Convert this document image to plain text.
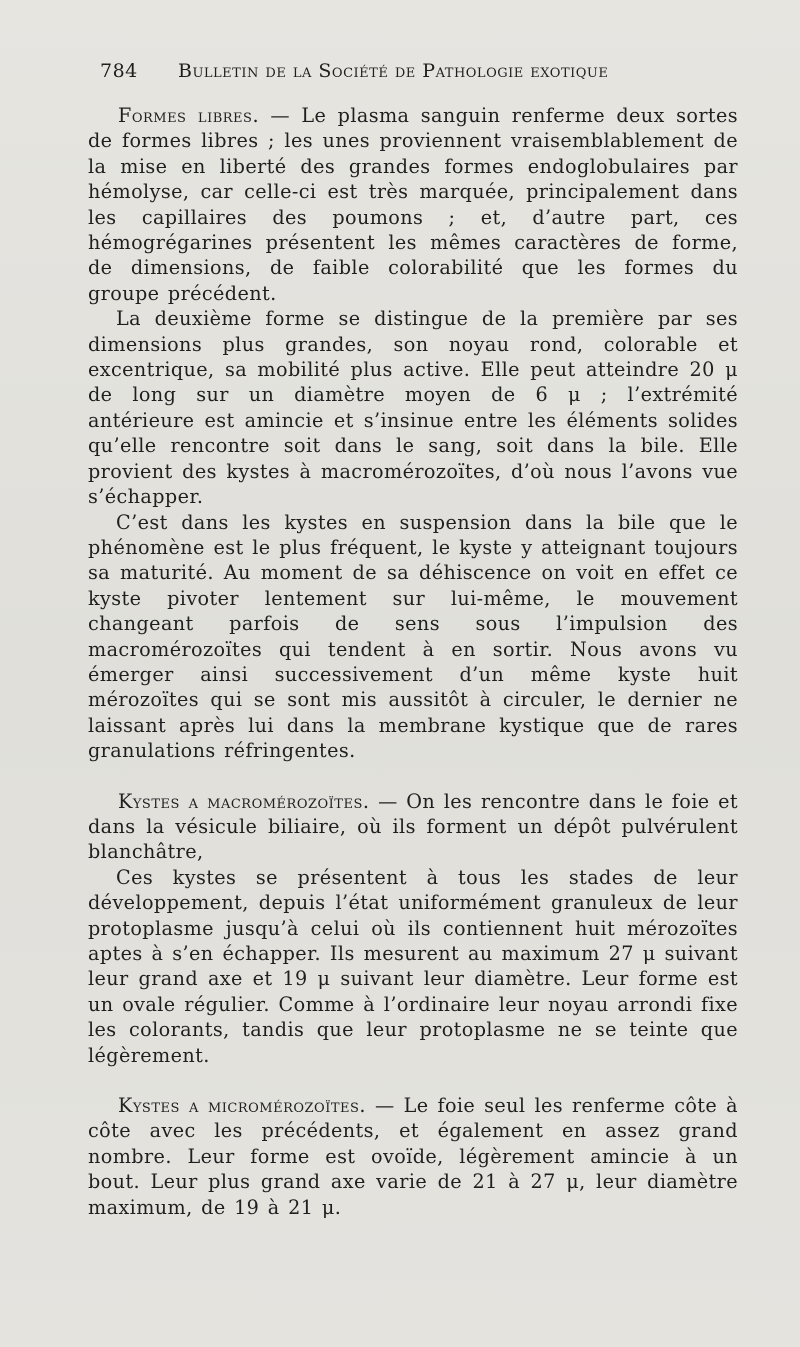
784 Bulletin de la Société de Pathologie exotique

Formes libres. — Le plasma sanguin renferme deux sortes de formes libres ; les unes proviennent vraisemblablement de la mise en liberté des grandes formes endoglobulaires par hémolyse, car celle-ci est très marquée, principalement dans les capillaires des poumons ; et, d’autre part, ces hémogrégarines présentent les mêmes caractères de forme, de dimensions, de faible colorabilité que les formes du groupe précédent.

La deuxième forme se distingue de la première par ses dimensions plus grandes, son noyau rond, colorable et excentrique, sa mobilité plus active. Elle peut atteindre 20 μ de long sur un diamètre moyen de 6 μ ; l’extrémité antérieure est amincie et s’insinue entre les éléments solides qu’elle rencontre soit dans le sang, soit dans la bile. Elle provient des kystes à macromérozoïtes, d’où nous l’avons vue s’échapper.

C’est dans les kystes en suspension dans la bile que le phénomène est le plus fréquent, le kyste y atteignant toujours sa maturité. Au moment de sa déhiscence on voit en effet ce kyste pivoter lentement sur lui-même, le mouvement changeant parfois de sens sous l’impulsion des macromérozoïtes qui tendent à en sortir. Nous avons vu émerger ainsi successivement d’un même kyste huit mérozoïtes qui se sont mis aussitôt à circuler, le dernier ne laissant après lui dans la membrane kystique que de rares granulations réfringentes.

Kystes a macromérozoïtes. — On les rencontre dans le foie et dans la vésicule biliaire, où ils forment un dépôt pulvérulent blanchâtre,

Ces kystes se présentent à tous les stades de leur développement, depuis l’état uniformément granuleux de leur protoplasme jusqu’à celui où ils contiennent huit mérozoïtes aptes à s’en échapper. Ils mesurent au maximum 27 μ suivant leur grand axe et 19 μ suivant leur diamètre. Leur forme est un ovale régulier. Comme à l’ordinaire leur noyau arrondi fixe les colorants, tandis que leur protoplasme ne se teinte que légèrement.

Kystes a micromérozoïtes. — Le foie seul les renferme côte à côte avec les précédents, et également en assez grand nombre. Leur forme est ovoïde, légèrement amincie à un bout. Leur plus grand axe varie de 21 à 27 μ, leur diamètre maximum, de 19 à 21 μ.
